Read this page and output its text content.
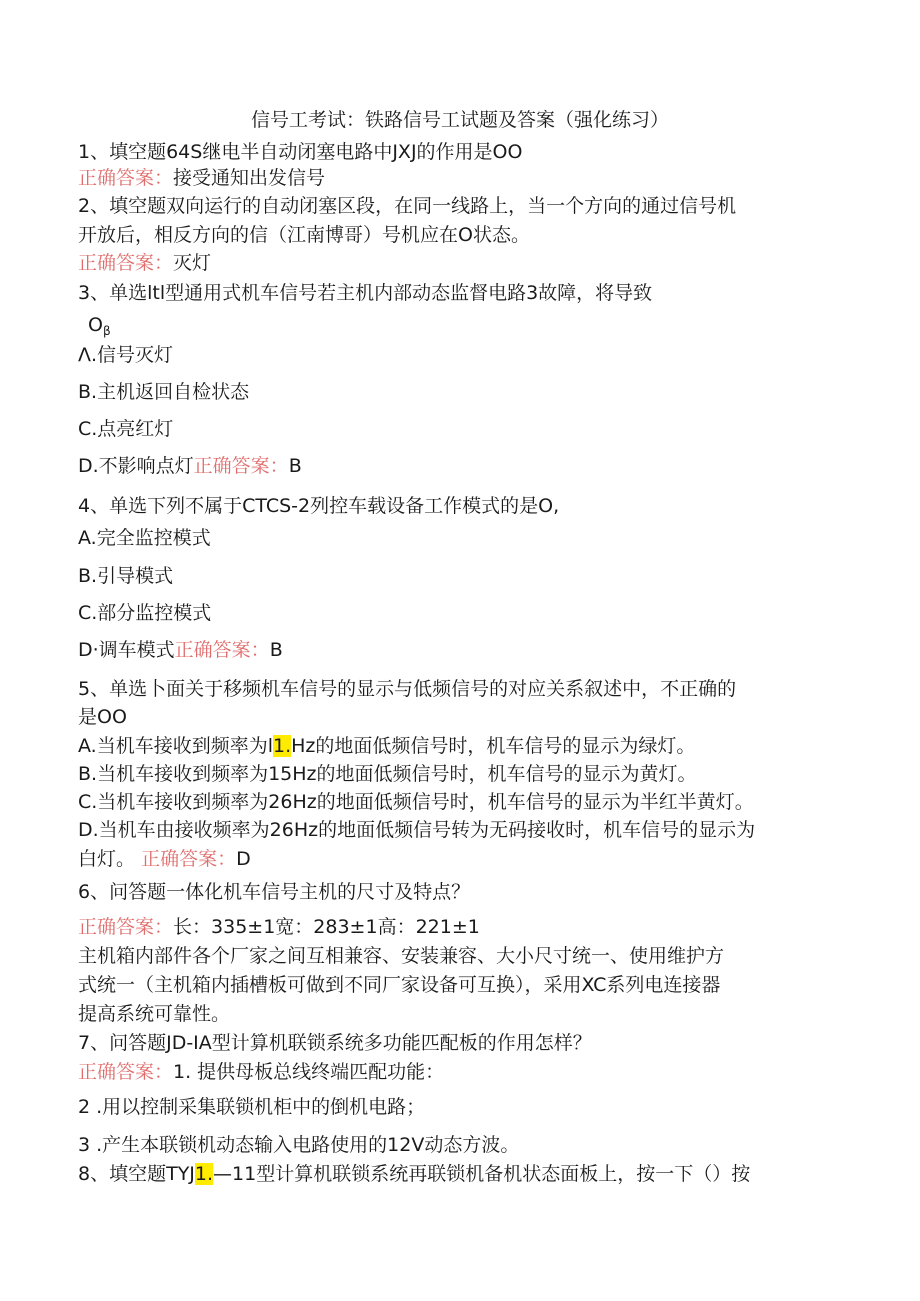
信号工考试：铁路信号工试题及答案（强化练习）
1、填空题64S继电半自动闭塞电路中JXJ的作用是OO
正确答案：接受通知出发信号
2、填空题双向运行的自动闭塞区段，在同一线路上，当一个方向的通过信号机
开放后，相反方向的信（江南博哥）号机应在O状态。
正确答案：灭灯
3、单选ltl型通用式机车信号若主机内部动态监督电路3故障，将导致
$O_\beta$
Λ.信号灭灯
B.主机返回自检状态
C.点亮红灯
D.不影响点灯正确答案：B
4、单选下列不属于CTCS-2列控车载设备工作模式的是O,
A.完全监控模式
B.引导模式
C.部分监控模式
D·调车模式正确答案：B
5、单选卜面关于移频机车信号的显示与低频信号的对应关系叙述中，不正确的
是OO
A.当机车接收到频率为l1.Hz的地面低频信号时，机车信号的显示为绿灯。
B.当机车接收到频率为15Hz的地面低频信号时，机车信号的显示为黄灯。
C.当机车接收到频率为26Hz的地面低频信号时，机车信号的显示为半红半黄灯。
D.当机车由接收频率为26Hz的地面低频信号转为无码接收时，机车信号的显示为
白灯。 正确答案：D
6、问答题一体化机车信号主机的尺寸及特点？
正确答案：长：335±1宽：283±1高：221±1
主机箱内部件各个厂家之间互相兼容、安装兼容、大小尺寸统一、使用维护方
式统一（主机箱内插槽板可做到不同厂家设备可互换），采用XC系列电连接器
提高系统可靠性。
7、问答题JD-IA型计算机联锁系统多功能匹配板的作用怎样？
正确答案：1. 提供母板总线终端匹配功能：
2 .用以控制采集联锁机柜中的倒机电路；
3 .产生本联锁机动态输入电路使用的12V动态方波。
8、填空题TYJ1.—11型计算机联锁系统再联锁机备机状态面板上，按一下（）按
